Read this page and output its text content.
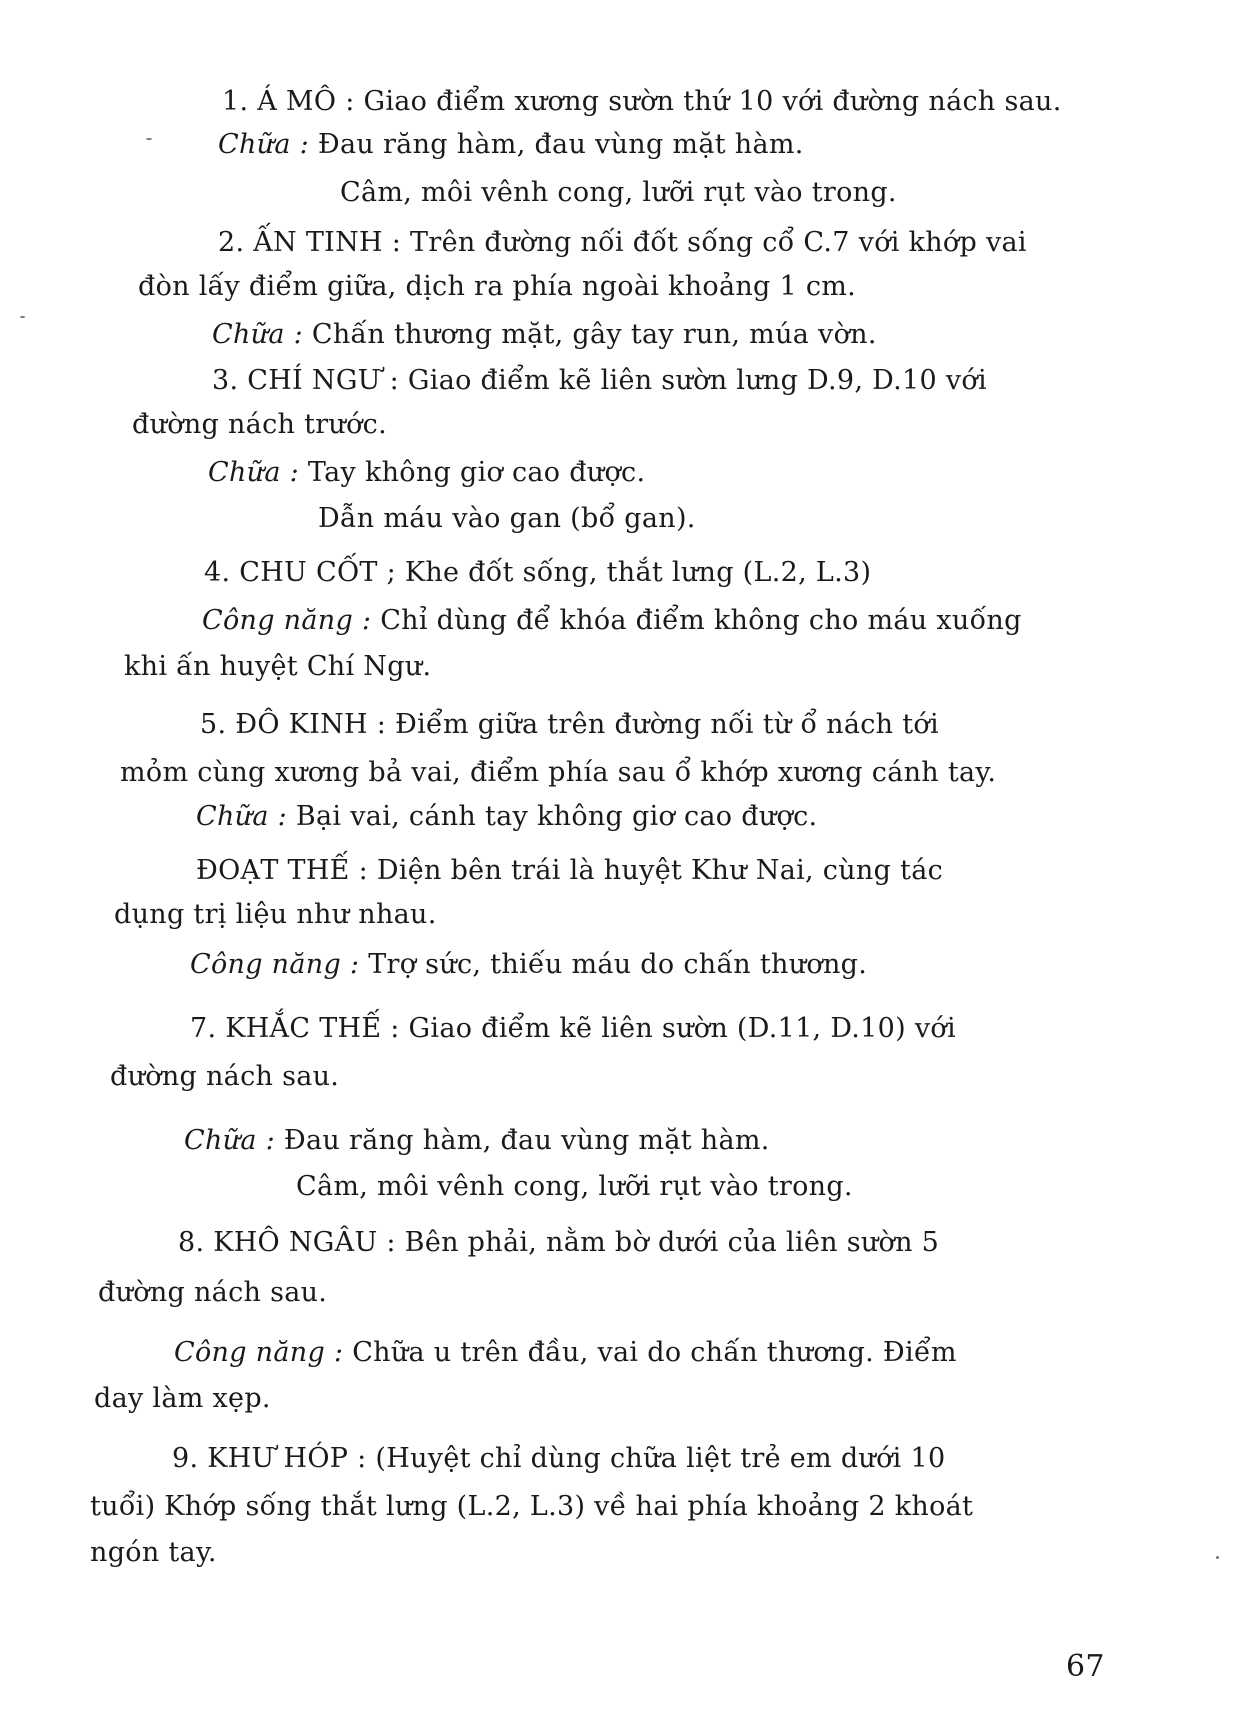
1. Á MÔ : Giao điểm xương sườn thứ 10 với đường nách sau.
Chữa : Đau răng hàm, đau vùng mặt hàm.
Câm, môi vênh cong, lưỡi rụt vào trong.
2. ẤN TINH : Trên đường nối đốt sống cổ C.7 với khớp vai
đòn lấy điểm giữa, dịch ra phía ngoài khoảng 1 cm.
Chữa : Chấn thương mặt, gây tay run, múa vờn.
3. CHÍ NGƯ : Giao điểm kẽ liên sườn lưng D.9, D.10 với
đường nách trước.
Chữa : Tay không giơ cao được.
Dẫn máu vào gan (bổ gan).
4. CHU CỐT ; Khe đốt sống, thắt lưng (L.2, L.3)
Công năng : Chỉ dùng để khóa điểm không cho máu xuống
khi ấn huyệt Chí Ngư.
5. ĐÔ KINH : Điểm giữa trên đường nối từ ổ nách tới
mỏm cùng xương bả vai, điểm phía sau ổ khớp xương cánh tay.
Chữa : Bại vai, cánh tay không giơ cao được.
ĐOẠT THẾ : Diện bên trái là huyệt Khư Nai, cùng tác
dụng trị liệu như nhau.
Công năng : Trợ sức, thiếu máu do chấn thương.
7. KHẮC THẾ : Giao điểm kẽ liên sườn (D.11, D.10) với
đường nách sau.
Chữa : Đau răng hàm, đau vùng mặt hàm.
Câm, môi vênh cong, lưỡi rụt vào trong.
8. KHÔ NGÂU : Bên phải, nằm bờ dưới của liên sườn 5
đường nách sau.
Công năng : Chữa u trên đầu, vai do chấn thương. Điểm
day làm xẹp.
9. KHƯ HÓP : (Huyệt chỉ dùng chữa liệt trẻ em dưới 10
tuổi) Khớp sống thắt lưng (L.2, L.3) về hai phía khoảng 2 khoát
ngón tay.
67
